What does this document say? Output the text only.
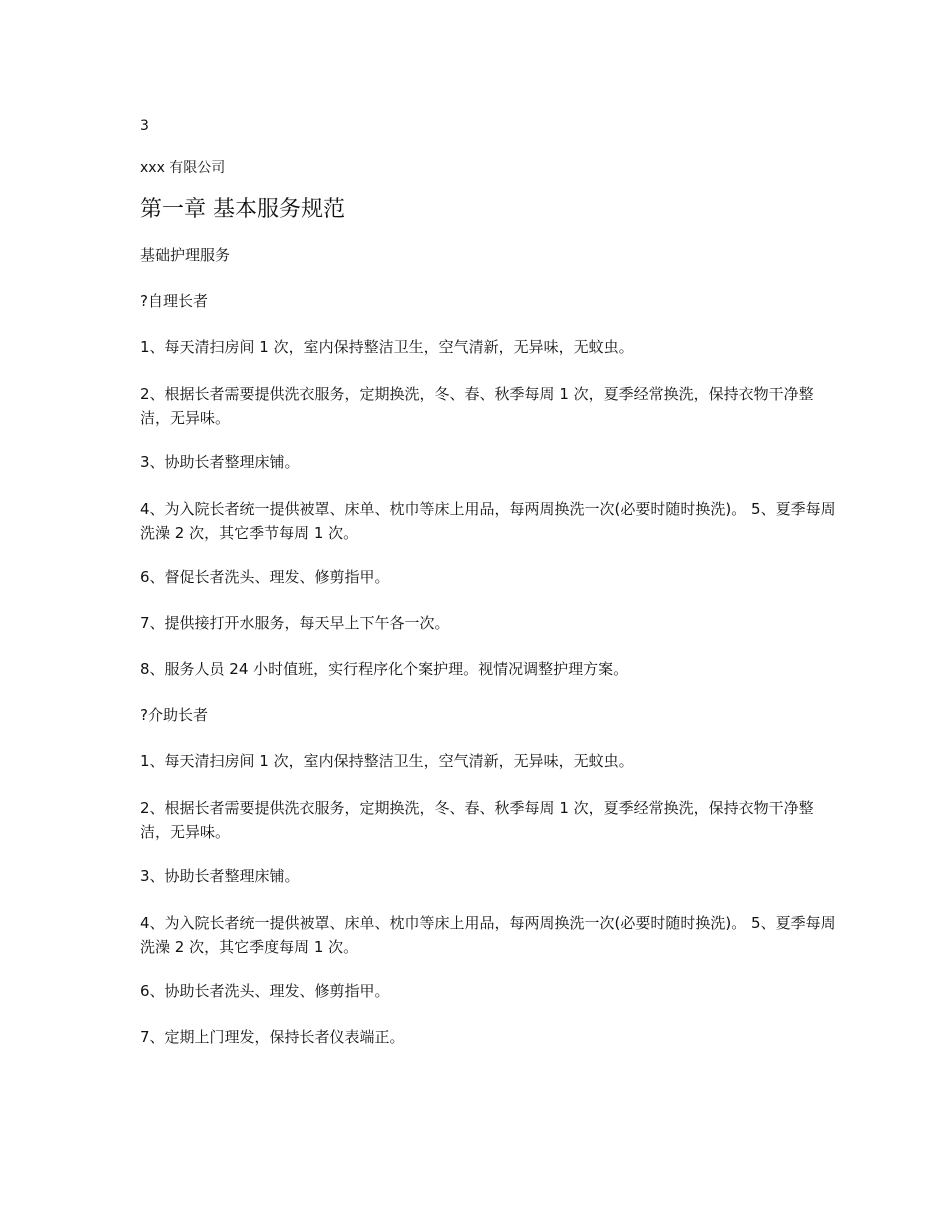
3
xxx 有限公司
第一章 基本服务规范
基础护理服务
?自理长者

1、每天清扫房间 1 次，室内保持整洁卫生，空气清新，无异味，无蚊虫。

2、根据长者需要提供洗衣服务，定期换洗，冬、春、秋季每周 1 次，夏季经常换洗，保持衣物干净整洁，无异味。

3、协助长者整理床铺。

4、为入院长者统一提供被罩、床单、枕巾等床上用品，每两周换洗一次(必要时随时换洗)。 5、夏季每周洗澡 2 次，其它季节每周 1 次。

6、督促长者洗头、理发、修剪指甲。

7、提供接打开水服务，每天早上下午各一次。

8、服务人员 24 小时值班，实行程序化个案护理。视情况调整护理方案。

?介助长者

1、每天清扫房间 1 次，室内保持整洁卫生，空气清新，无异味，无蚊虫。

2、根据长者需要提供洗衣服务，定期换洗，冬、春、秋季每周 1 次，夏季经常换洗，保持衣物干净整洁，无异味。

3、协助长者整理床铺。

4、为入院长者统一提供被罩、床单、枕巾等床上用品，每两周换洗一次(必要时随时换洗)。 5、夏季每周洗澡 2 次，其它季度每周 1 次。

6、协助长者洗头、理发、修剪指甲。

7、定期上门理发，保持长者仪表端正。
